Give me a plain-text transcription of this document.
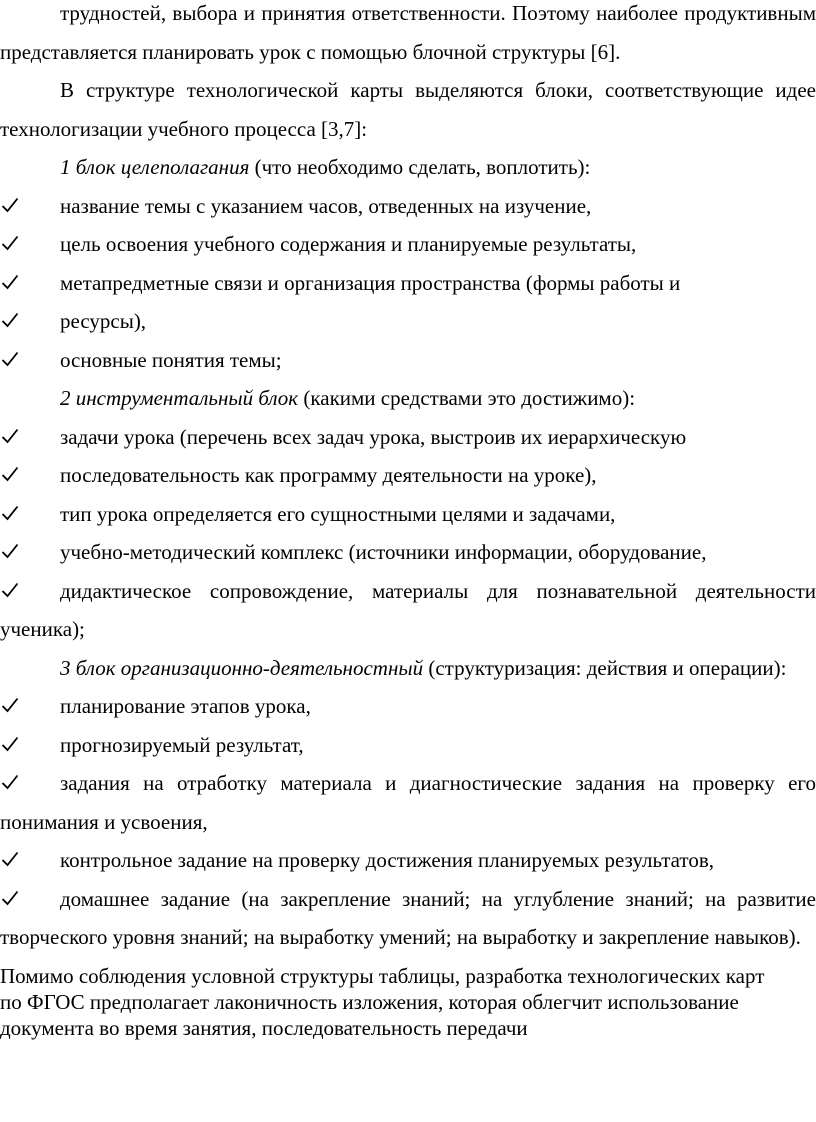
трудностей, выбора и принятия ответственности. Поэтому наиболее продуктивным представляется планировать урок с помощью блочной структуры [6].

В структуре технологической карты выделяются блоки, соответствующие идее технологизации учебного процесса [3,7]:

1 блок целеполагания (что необходимо сделать, воплотить):

название темы с указанием часов, отведенных на изучение,
цель освоения учебного содержания и планируемые результаты,
метапредметные связи и организация пространства (формы работы и
ресурсы),
основные понятия темы;

2 инструментальный блок (какими средствами это достижимо):

задачи урока (перечень всех задач урока, выстроив их иерархическую
последовательность как программу деятельности на уроке),
тип урока определяется его сущностными целями и задачами,
учебно-методический комплекс (источники информации, оборудование,
дидактическое сопровождение, материалы для познавательной деятельности ученика);

3 блок организационно-деятельностный (структуризация: действия и операции):

планирование этапов урока,
прогнозируемый результат,
задания на отработку материала и диагностические задания на проверку его понимания и усвоения,
контрольное задание на проверку достижения планируемых результатов,
домашнее задание (на закрепление знаний; на углубление знаний; на развитие творческого уровня знаний; на выработку умений; на выработку и закрепление навыков).

Помимо соблюдения условной структуры таблицы, разработка технологических карт по ФГОС предполагает лаконичность изложения, которая облегчит использование документа во время занятия, последовательность передачи
